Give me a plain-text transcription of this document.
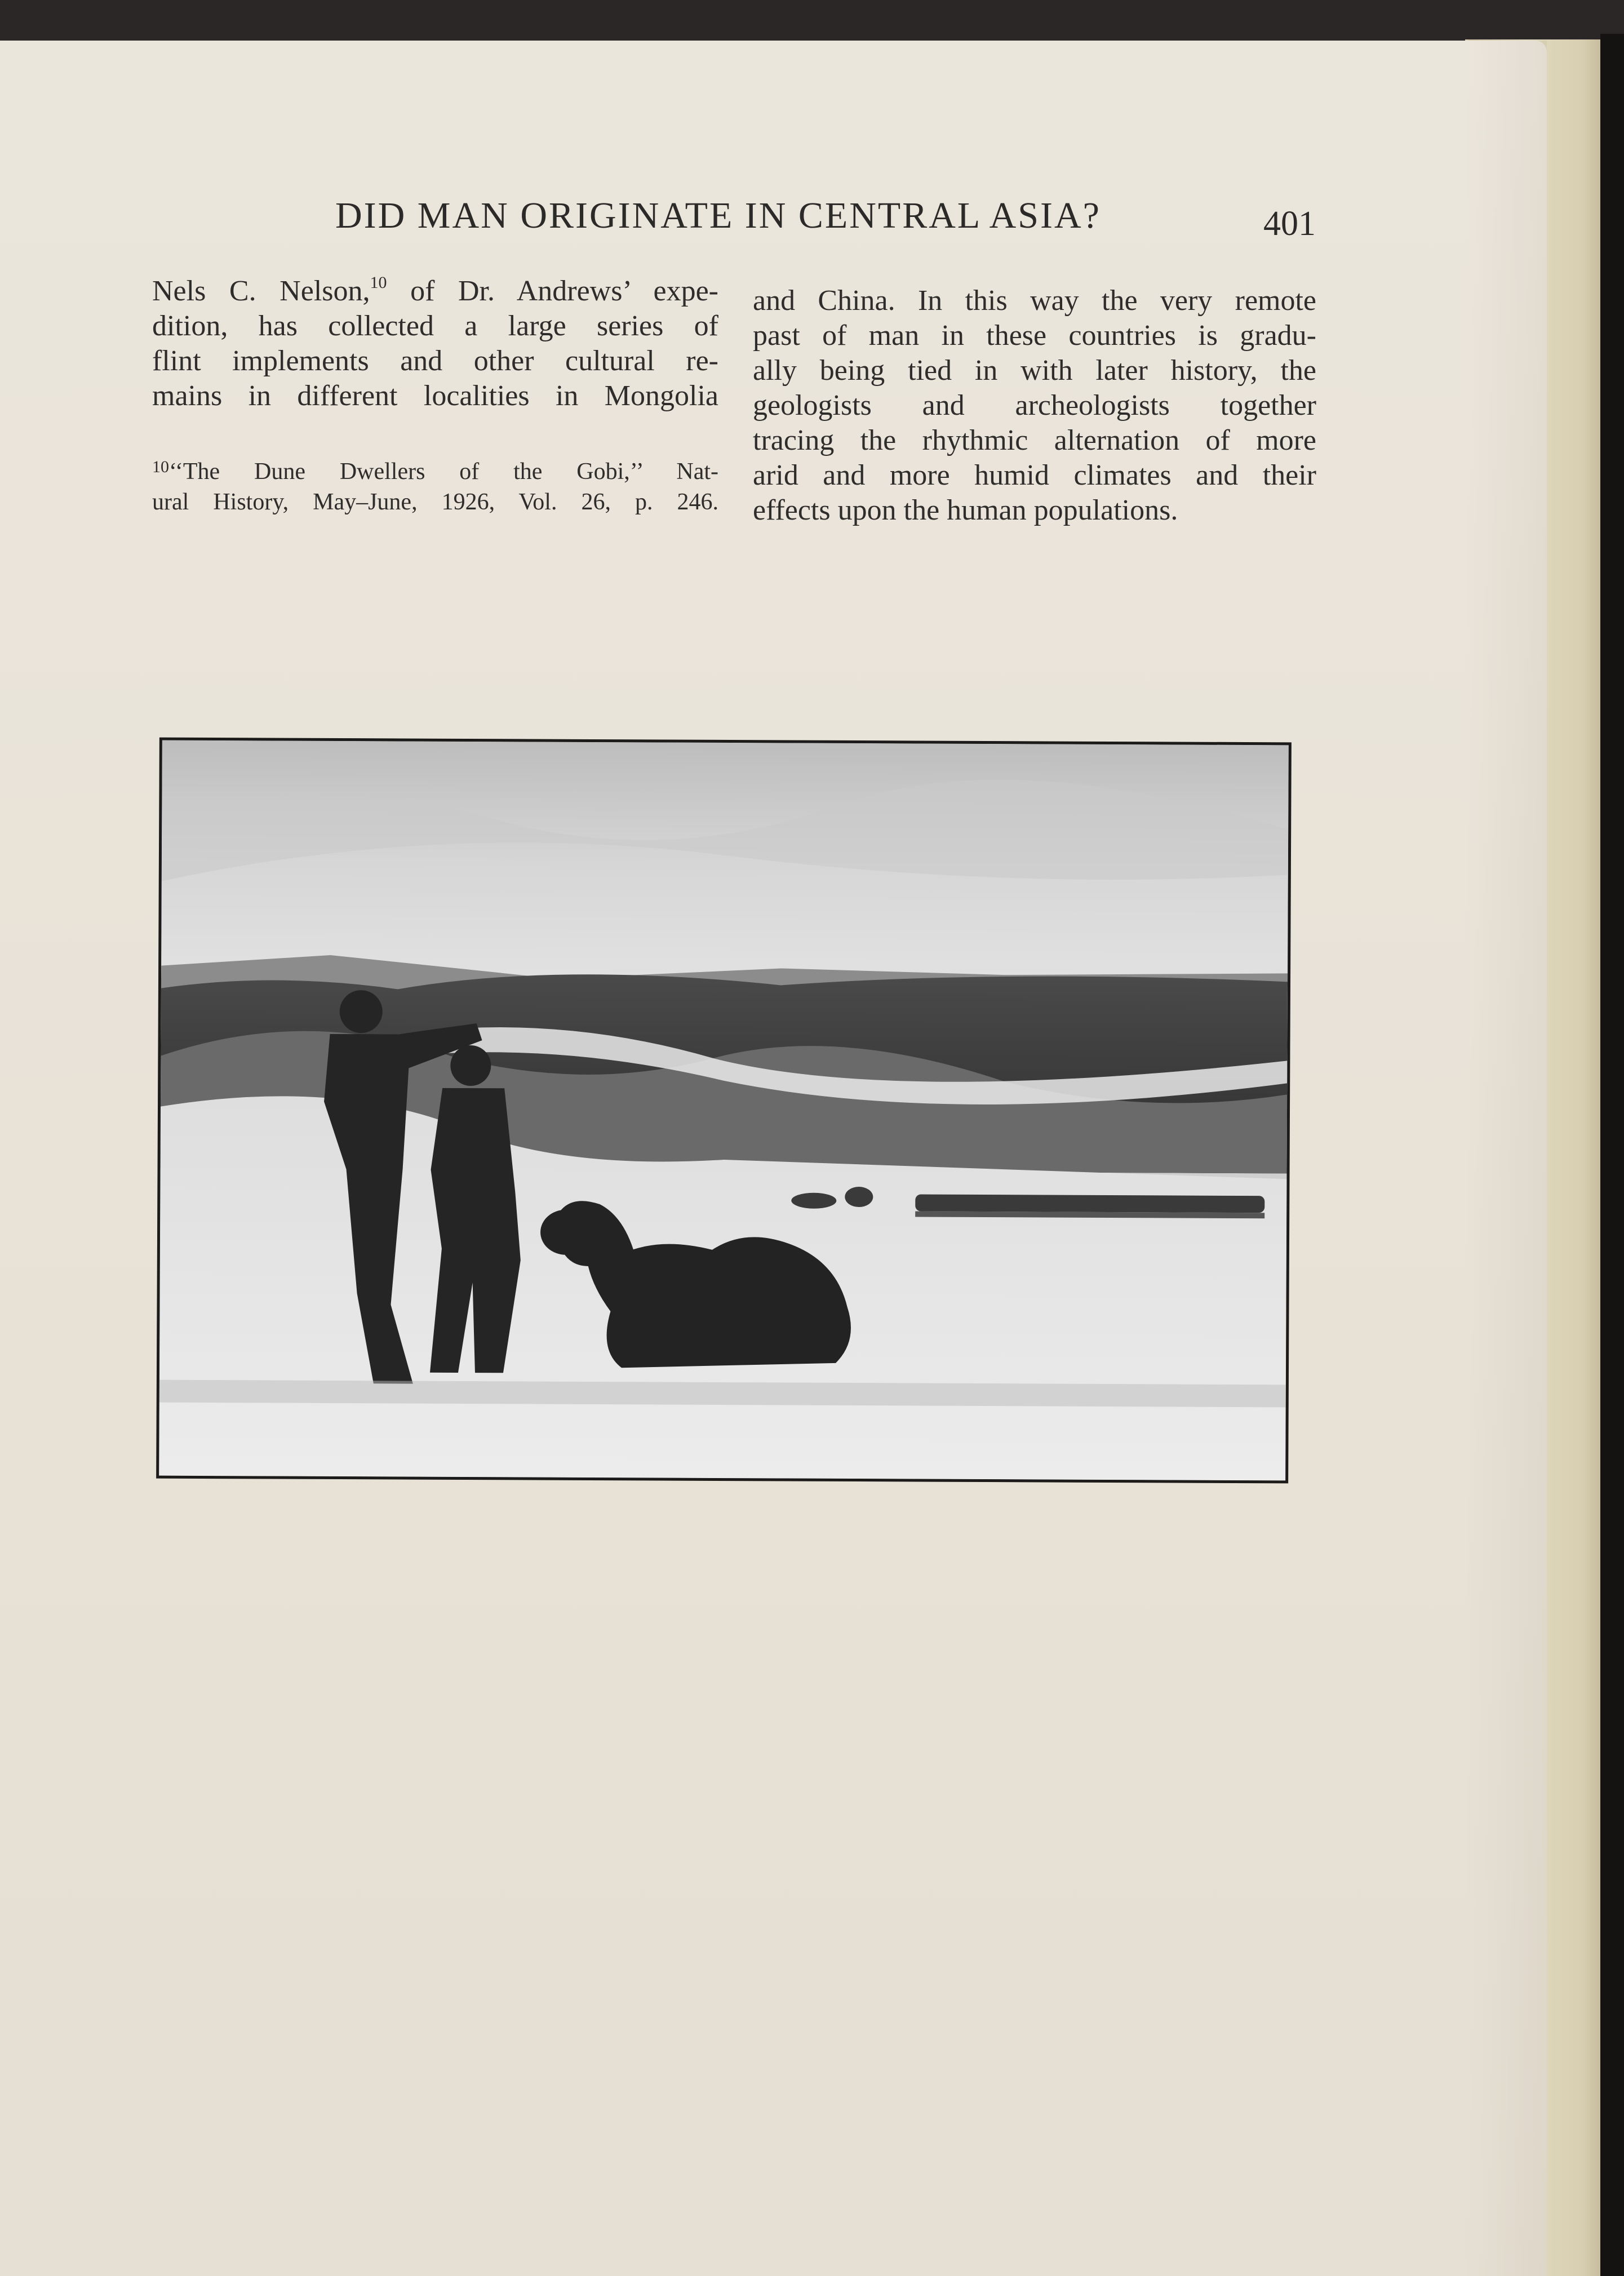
DID MAN ORIGINATE IN CENTRAL ASIA?	401
Nels C. Nelson,$^{10}$ of Dr. Andrews’ expe-
dition, has collected a large series of
flint implements and other cultural re-
mains in different localities in Mongolia
$^{10}$‘‘The Dune Dwellers of the Gobi,’’ Nat-
ural History, May–June, 1926, Vol. 26, p. 246.
and China. In this way the very remote
past of man in these countries is gradu-
ally being tied in with later history, the
geologists and archeologists together
tracing the rhythmic alternation of more
arid and more humid climates and their
effects upon the human populations.
